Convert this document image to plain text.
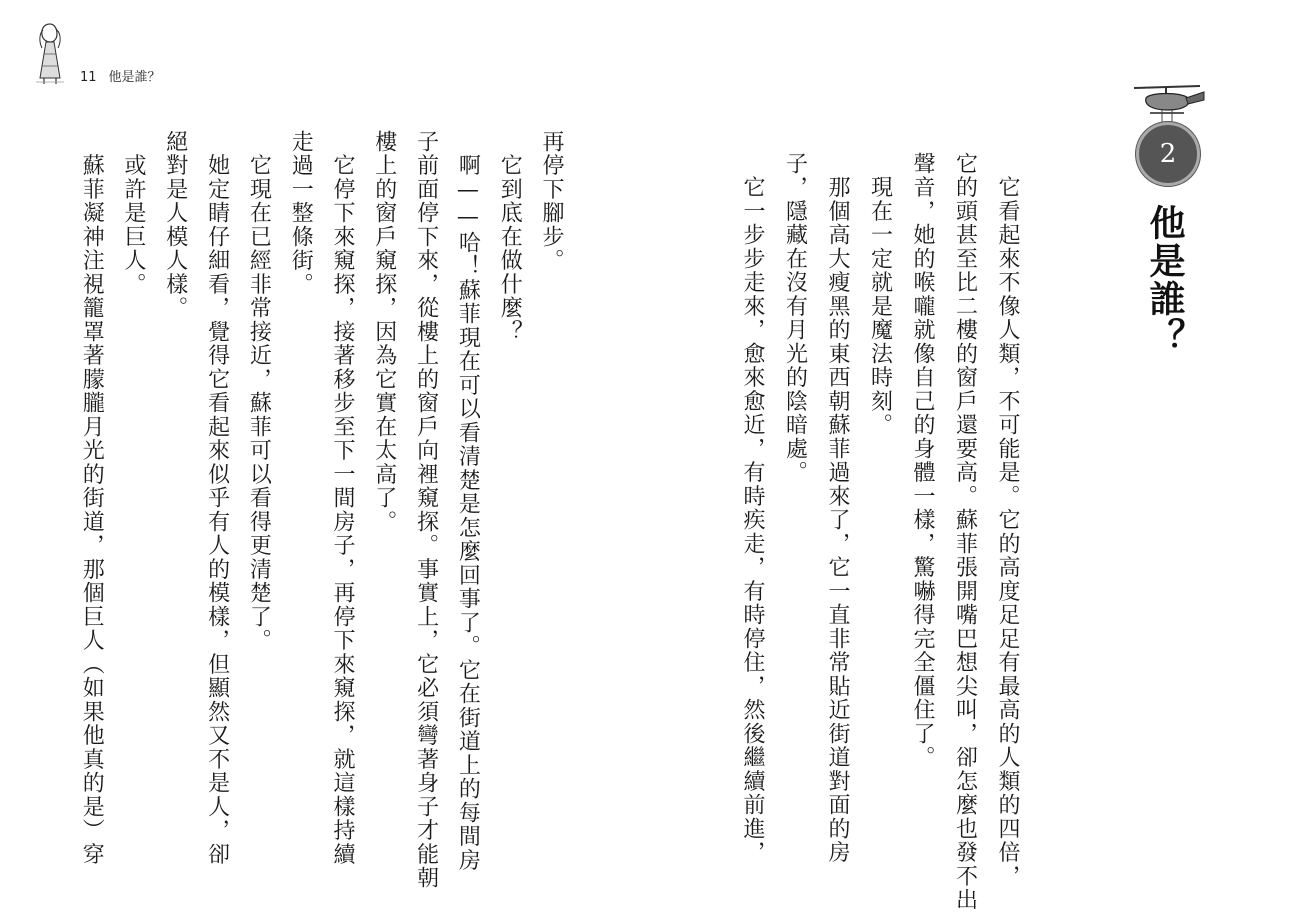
11 他是誰？
2
他是誰？
　它看起來不像人類，不可能是。它的高度足足有最高的人類的四倍，
它的頭甚至比二樓的窗戶還要高。蘇菲張開嘴巴想尖叫，卻怎麼也發不出
聲音，她的喉嚨就像自己的身體一樣，驚嚇得完全僵住了。
　現在一定就是魔法時刻。
　那個高大瘦黑的東西朝蘇菲過來了，它一直非常貼近街道對面的房
子，隱藏在沒有月光的陰暗處。
　它一步步走來，愈來愈近，有時疾走，有時停住，然後繼續前進，
再停下腳步。
　它到底在做什麼？
　啊——哈！蘇菲現在可以看清楚是怎麼回事了。它在街道上的每間房
子前面停下來，從樓上的窗戶向裡窺探。事實上，它必須彎著身子才能朝
樓上的窗戶窺探，因為它實在太高了。
　它停下來窺探，接著移步至下一間房子，再停下來窺探，就這樣持續
走過一整條街。
　它現在已經非常接近，蘇菲可以看得更清楚了。
　她定睛仔細看，覺得它看起來似乎有人的模樣，但顯然又不是人，卻
絕對是人模人樣。
　或許是巨人。
　蘇菲凝神注視籠罩著朦朧月光的街道，那個巨人（如果他真的是）穿
